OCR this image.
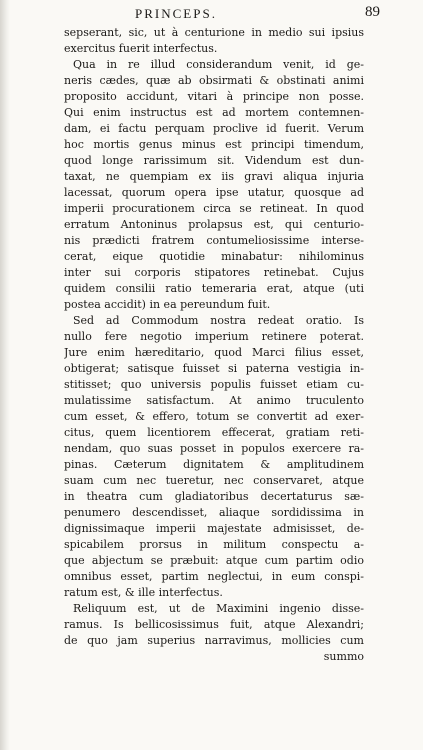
PRINCEPS.	89
sepserant, sic, ut à centurione in medio sui ipsius
exercitus fuerit interfectus.
Qua in re illud considerandum venit, id ge-
neris cædes, quæ ab obsirmati & obstinati animi
proposito accidunt, vitari à principe non posse.
Qui enim instructus est ad mortem contemnen-
dam, ei factu perquam proclive id fuerit. Verum
hoc mortis genus minus est principi timendum,
quod longe rarissimum sit. Videndum est dun-
taxat, ne quempiam ex iis gravi aliqua injuria
lacessat, quorum opera ipse utatur, quosque ad
imperii procurationem circa se retineat. In quod
erratum Antoninus prolapsus est, qui centurio-
nis prædicti fratrem contumeliosissime interse-
cerat, eique quotidie minabatur: nihilominus
inter sui corporis stipatores retinebat. Cujus
quidem consilii ratio temeraria erat, atque (uti
postea accidit) in ea pereundum fuit.
Sed ad Commodum nostra redeat oratio. Is
nullo fere negotio imperium retinere poterat.
Jure enim hæreditario, quod Marci filius esset,
obtigerat; satisque fuisset si paterna vestigia in-
stitisset; quo universis populis fuisset etiam cu-
mulatissime satisfactum. At animo truculento
cum esset, & effero, totum se convertit ad exer-
citus, quem licentiorem effecerat, gratiam reti-
nendam, quo suas posset in populos exercere ra-
pinas. Cæterum dignitatem & amplitudinem
suam cum nec tueretur, nec conservaret, atque
in theatra cum gladiatoribus decertaturus sæ-
penumero descendisset, aliaque sordidissima in
dignissimaque imperii majestate admisisset, de-
spicabilem prorsus in militum conspectu a-
que abjectum se præbuit: atque cum partim odio
omnibus esset, partim neglectui, in eum conspi-
ratum est, & ille interfectus.
Reliquum est, ut de Maximini ingenio disse-
ramus. Is bellicosissimus fuit, atque Alexandri;
de quo jam superius narravimus, mollicies cum
summo
